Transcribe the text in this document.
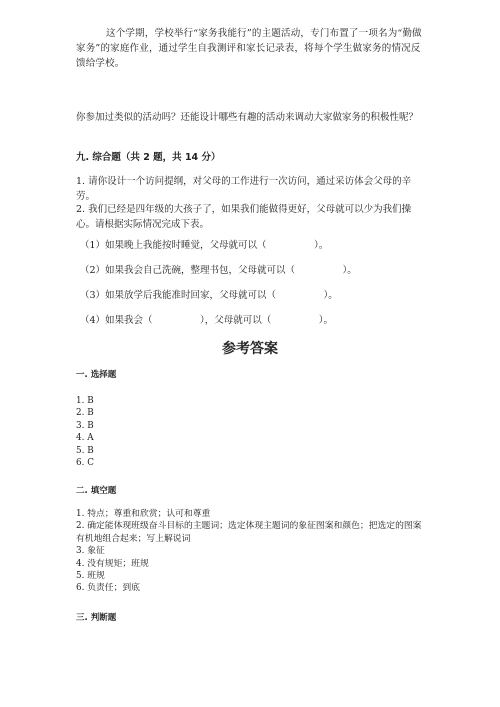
这个学期，学校举行“家务我能行”的主题活动，专门布置了一项名为“勤做家务”的家庭作业，通过学生自我测评和家长记录表，将每个学生做家务的情况反馈给学校。
你参加过类似的活动吗？还能设计哪些有趣的活动来调动大家做家务的积极性呢？
九. 综合题（共 2 题，共 14 分）
1. 请你设计一个访问提纲，对父母的工作进行一次访问，通过采访体会父母的辛劳。
2. 我们已经是四年级的大孩子了，如果我们能做得更好，父母就可以少为我们操心。请根据实际情况完成下表。
（1）如果晚上我能按时睡觉，父母就可以（　　　　　）。
（2）如果我会自己洗碗，整理书包，父母就可以（　　　　　）。
（3）如果放学后我能准时回家，父母就可以（　　　　　）。
（4）如果我会（　　　　　），父母就可以（　　　　　）。
参考答案
一. 选择题
1. B
2. B
3. B
4. A
5. B
6. C
二. 填空题
1. 特点；尊重和欣赏；认可和尊重
2. 确定能体现班级奋斗目标的主题词；选定体现主题词的象征图案和颜色；把选定的图案有机地组合起来；写上解说词
3. 象征
4. 没有规矩；班规
5. 班规
6. 负责任；到底
三. 判断题
